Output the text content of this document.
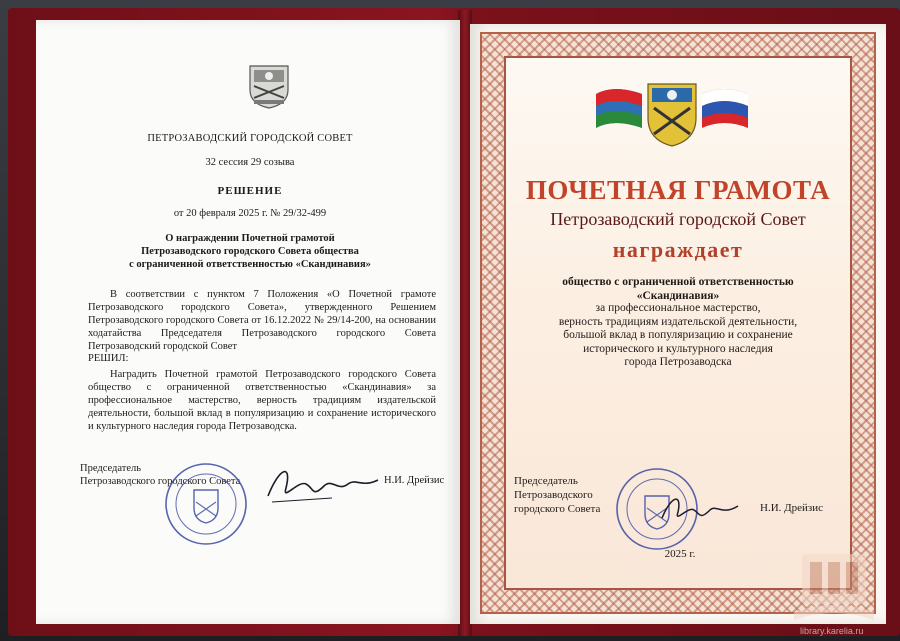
ПЕТРОЗАВОДСКИЙ ГОРОДСКОЙ СОВЕТ
32 сессия 29 созыва
РЕШЕНИЕ
от 20 февраля 2025 г. № 29/32-499
О награждении Почетной грамотой
Петрозаводского городского Совета общества
с ограниченной ответственностью «Скандинавия»
В соответствии с пунктом 7 Положения «О Почетной грамоте Петрозаводского городского Совета», утвержденного Решением Петрозаводского городского Совета от 16.12.2022 № 29/14-200, на основании ходатайства Председателя Петрозаводского городского Совета Петрозаводский городской Совет
РЕШИЛ:
Наградить Почетной грамотой Петрозаводского городского Совета общество с ограниченной ответственностью «Скандинавия» за профессиональное мастерство, верность традициям издательской деятельности, большой вклад в популяризацию и сохранение исторического и культурного наследия города Петрозаводска.
Председатель
Петрозаводского городского Совета	Н.И. Дрейзис
ПОЧЕТНАЯ ГРАМОТА
Петрозаводский городской Совет
награждает
общество с ограниченной ответственностью
«Скандинавия»
за профессиональное мастерство,
верность традициям издательской деятельности,
большой вклад в популяризацию и сохранение
исторического и культурного наследия
города Петрозаводска
Председатель
Петрозаводского
городского Совета	Н.И. Дрейзис
2025 г.
library.karelia.ru
